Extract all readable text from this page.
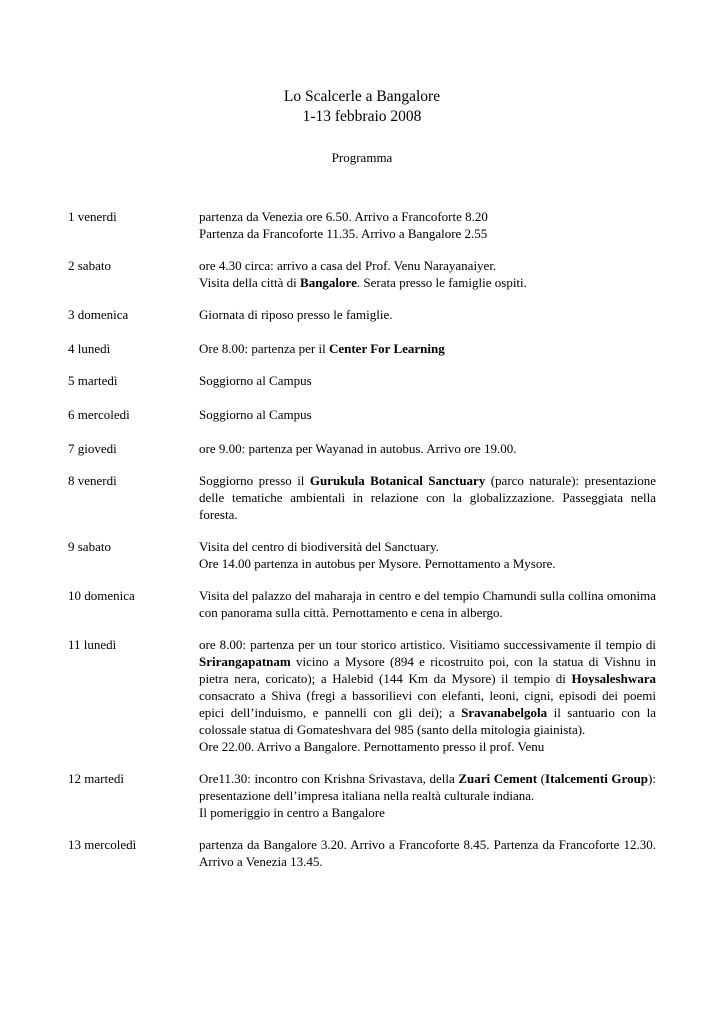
Lo Scalcerle a Bangalore

1-13 febbraio 2008

Programma

1 venerdì	partenza da Venezia ore 6.50. Arrivo a Francoforte 8.20
Partenza da Francoforte 11.35. Arrivo a Bangalore 2.55
2 sabato	ore 4.30 circa: arrivo a casa del Prof. Venu Narayanaiyer.
Visita della città di Bangalore. Serata presso le famiglie ospiti.
3 domenica	Giornata di riposo presso le famiglie.
4 lunedì	Ore 8.00: partenza per il Center For Learning
5 martedì	Soggiorno al Campus
6 mercoledì	Soggiorno al Campus
7 giovedì	ore 9.00: partenza per Wayanad in autobus. Arrivo ore 19.00.
8 venerdì	Soggiorno presso il Gurukula Botanical Sanctuary (parco naturale): presentazione delle tematiche ambientali in relazione con la globalizzazione. Passeggiata nella foresta.
9 sabato	Visita del centro di biodiversità del Sanctuary.
Ore 14.00 partenza in autobus per Mysore. Pernottamento a Mysore.
10 domenica	Visita del palazzo del maharaja in centro e del tempio Chamundi sulla collina omonima con panorama sulla città. Pernottamento e cena in albergo.
11 lunedì	ore 8.00: partenza per un tour storico artistico. Visitiamo successivamente il tempio di Srirangapatnam vicino a Mysore (894 e ricostruito poi, con la statua di Vishnu in pietra nera, coricato); a Halebid (144 Km da Mysore) il tempio di Hoysaleshwara consacrato a Shiva (fregi a bassorilievi con elefanti, leoni, cigni, episodi dei poemi epici dell’induismo, e pannelli con gli dei); a Sravanabelgola il santuario con la colossale statua di Gomateshvara del 985 (santo della mitologia giainista).
Ore 22.00. Arrivo a Bangalore. Pernottamento presso il prof. Venu
12 martedì	Ore11.30: incontro con Krishna Srivastava, della Zuari Cement (Italcementi Group): presentazione dell’impresa italiana nella realtà culturale indiana.
Il pomeriggio in centro a Bangalore
13 mercoledì	partenza da Bangalore 3.20. Arrivo a Francoforte 8.45. Partenza da Francoforte 12.30. Arrivo a Venezia 13.45.
